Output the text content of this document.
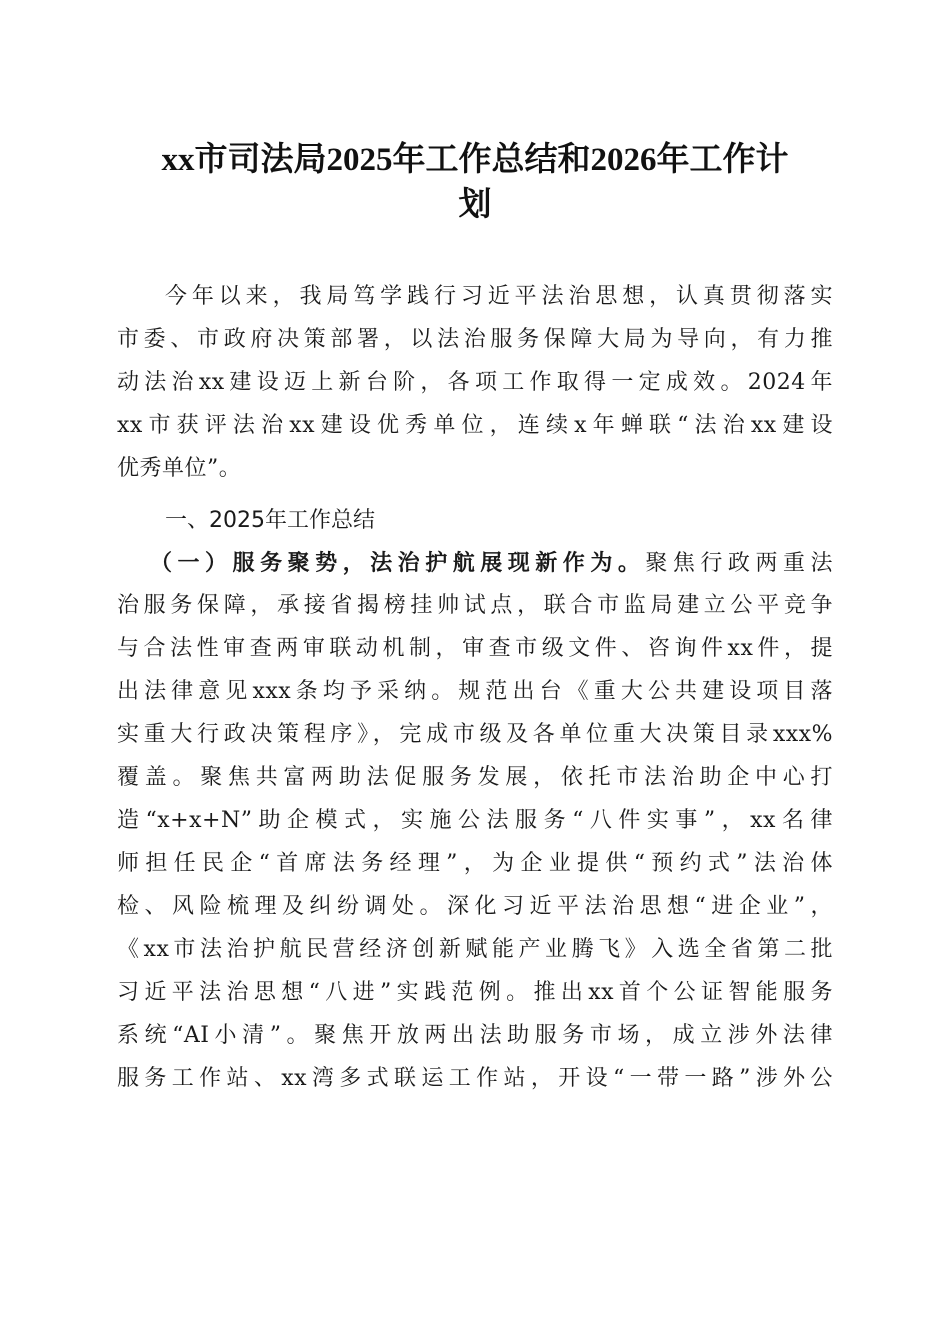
xx市司法局2025年工作总结和2026年工作计
划
今年以来，我局笃学践行习近平法治思想，认真贯彻落实
市委、市政府决策部署，以法治服务保障大局为导向，有力推
动法治xx建设迈上新台阶，各项工作取得一定成效。2024年
xx市获评法治xx建设优秀单位，连续x年蝉联“法治xx建设
优秀单位”。
一、2025年工作总结
（一）服务聚势，法治护航展现新作为。聚焦行政两重法
治服务保障，承接省揭榜挂帅试点，联合市监局建立公平竞争
与合法性审查两审联动机制，审查市级文件、咨询件xx件，提
出法律意见xxx条均予采纳。规范出台《重大公共建设项目落
实重大行政决策程序》，完成市级及各单位重大决策目录xxx%
覆盖。聚焦共富两助法促服务发展，依托市法治助企中心打
造“x+x+N”助企模式，实施公法服务“八件实事”，xx名律
师担任民企“首席法务经理”，为企业提供“预约式”法治体
检、风险梳理及纠纷调处。深化习近平法治思想“进企业”，
《xx市法治护航民营经济创新赋能产业腾飞》入选全省第二批
习近平法治思想“八进”实践范例。推出xx首个公证智能服务
系统“AI小清”。聚焦开放两出法助服务市场，成立涉外法律
服务工作站、xx湾多式联运工作站，开设“一带一路”涉外公
